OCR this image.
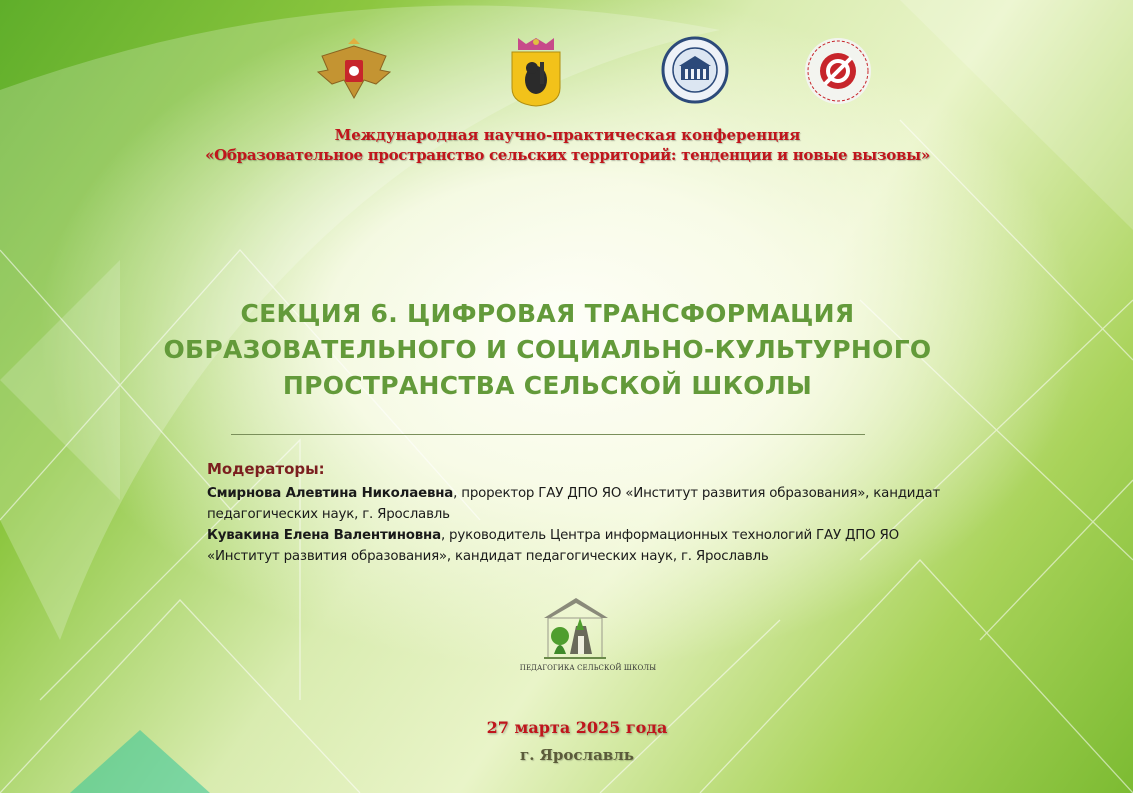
Международная научно-практическая конференция
«Образовательное пространство сельских территорий: тенденции и новые вызовы»
СЕКЦИЯ 6. ЦИФРОВАЯ ТРАНСФОРМАЦИЯ
ОБРАЗОВАТЕЛЬНОГО И СОЦИАЛЬНО-КУЛЬТУРНОГО
ПРОСТРАНСТВА СЕЛЬСКОЙ ШКОЛЫ
Модераторы:
Смирнова Алевтина Николаевна, проректор ГАУ ДПО ЯО «Институт развития образования», кандидат педагогических наук, г. Ярославль
Кувакина Елена Валентиновна, руководитель Центра информационных технологий ГАУ ДПО ЯО «Институт развития образования», кандидат педагогических наук, г. Ярославль
ПЕДАГОГИКА СЕЛЬСКОЙ ШКОЛЫ
27 марта 2025 года
г. Ярославль
